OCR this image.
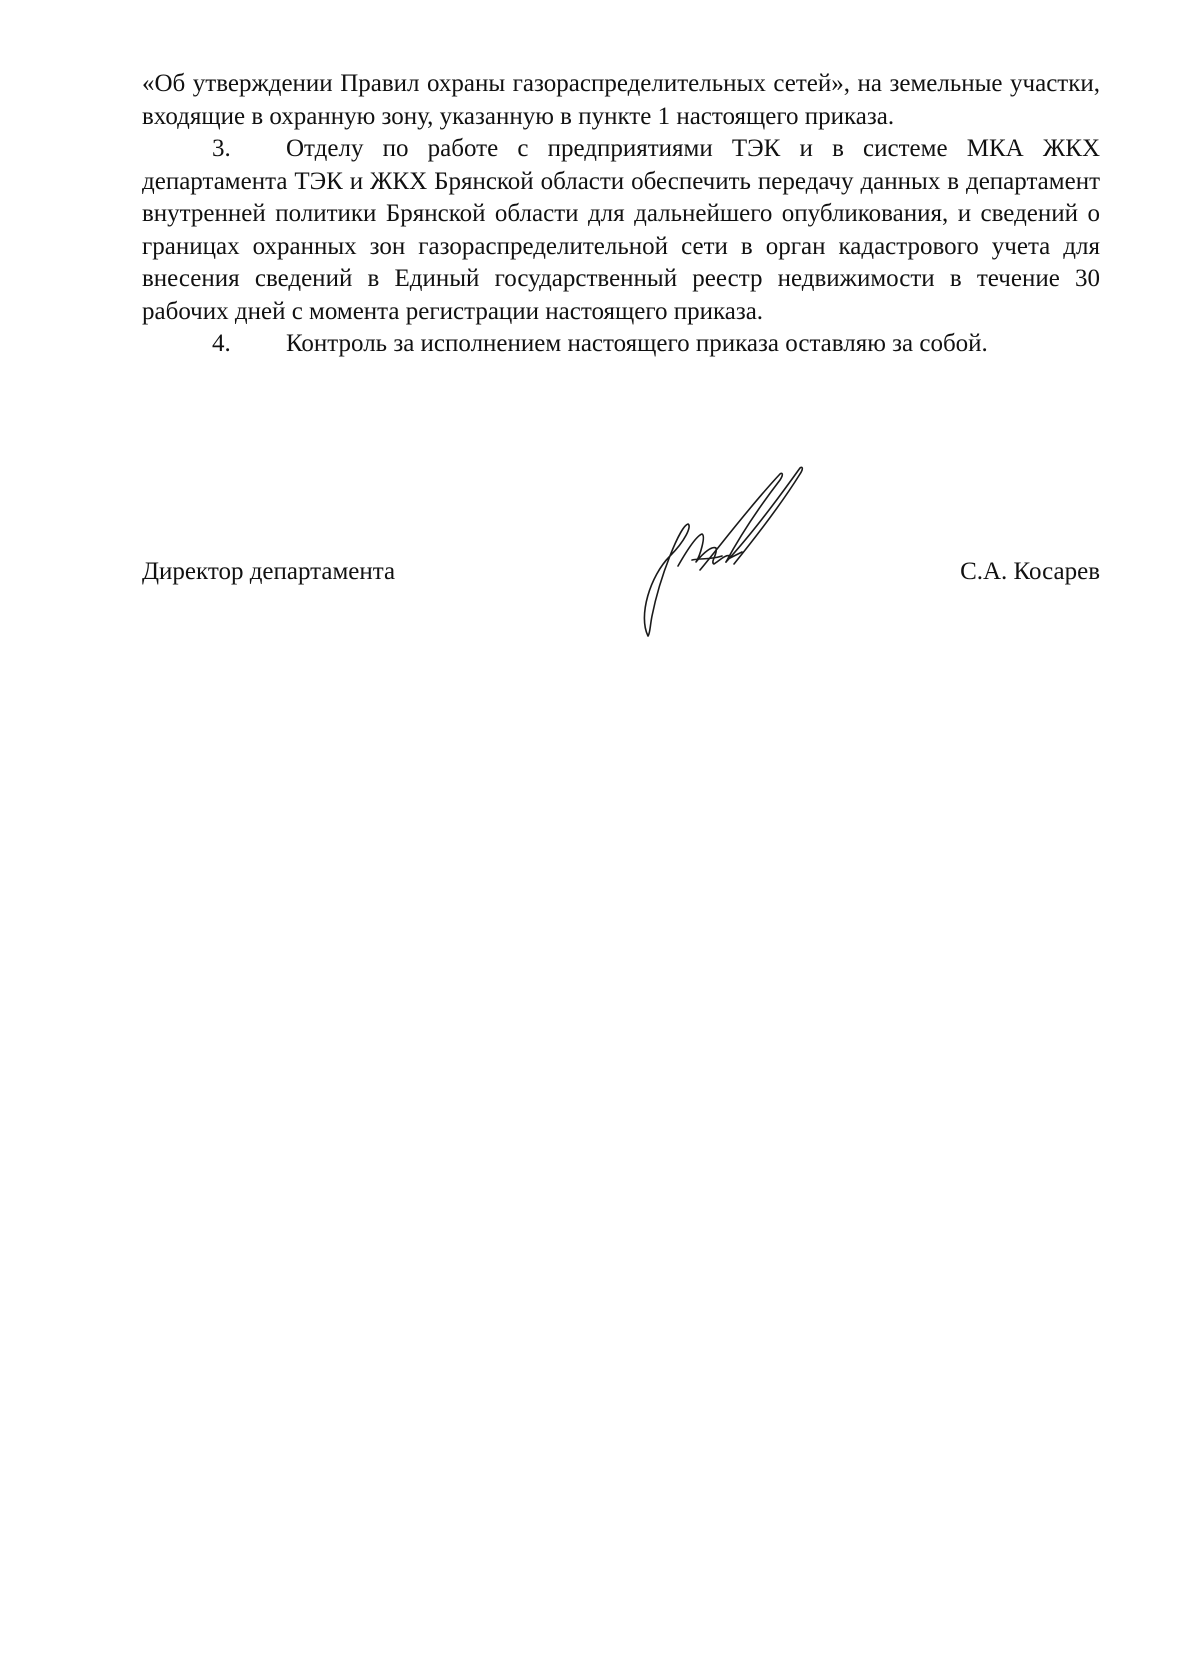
«Об утверждении Правил охраны газораспределительных сетей», на земельные участки, входящие в охранную зону, указанную в пункте 1 настоящего приказа.

3. Отделу по работе с предприятиями ТЭК и в системе МКА ЖКХ департамента ТЭК и ЖКХ Брянской области обеспечить передачу данных в департамент внутренней политики Брянской области для дальнейшего опубликования, и сведений о границах охранных зон газораспределительной сети в орган кадастрового учета для внесения сведений в Единый государственный реестр недвижимости в течение 30 рабочих дней с момента регистрации настоящего приказа.

4. Контроль за исполнением настоящего приказа оставляю за собой.

Директор департамента	С.А. Косарев
